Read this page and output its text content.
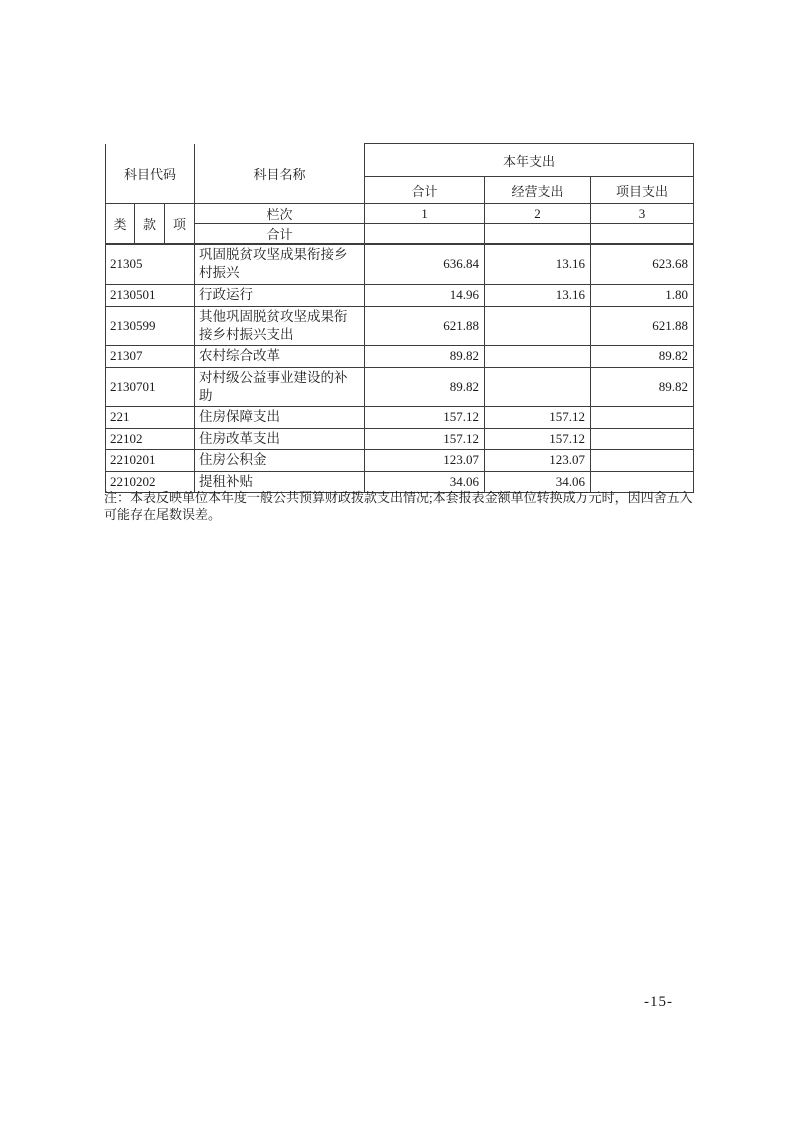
科目代码			科目名称	本年支出		
				合计	经营支出	项目支出
类	款	项	栏次	1	2	3
			合计			
21305			巩固脱贫攻坚成果衔接乡村振兴	636.84	13.16	623.68
2130501			行政运行	14.96	13.16	1.80
2130599			其他巩固脱贫攻坚成果衔接乡村振兴支出	621.88		621.88
21307			农村综合改革	89.82		89.82
2130701			对村级公益事业建设的补助	89.82		89.82
221			住房保障支出	157.12	157.12	
22102			住房改革支出	157.12	157.12	
2210201			住房公积金	123.07	123.07	
2210202			提租补贴	34.06	34.06	
注：本表反映单位本年度一般公共预算财政拨款支出情况;本套报表金额单位转换成万元时，因四舍五入
可能存在尾数误差。
-15-
